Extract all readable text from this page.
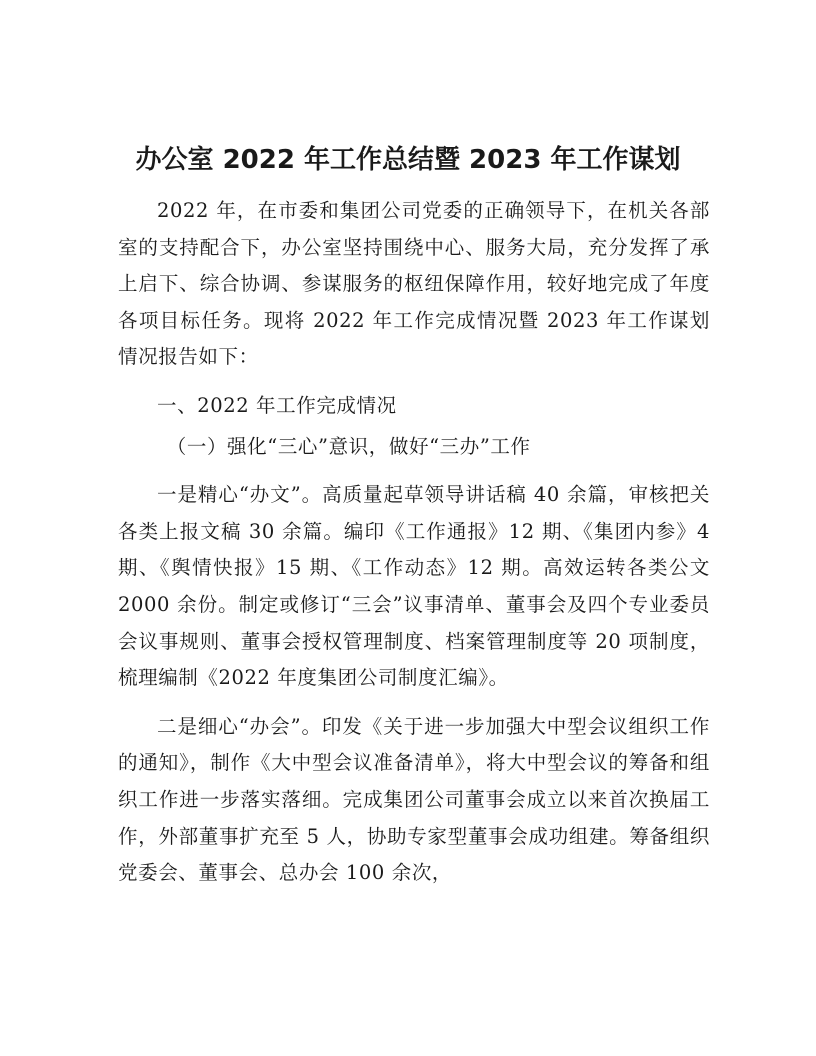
办公室 2022 年工作总结暨 2023 年工作谋划

2022 年，在市委和集团公司党委的正确领导下，在机关各部室的支持配合下，办公室坚持围绕中心、服务大局，充分发挥了承上启下、综合协调、参谋服务的枢纽保障作用，较好地完成了年度各项目标任务。现将 2022 年工作完成情况暨 2023 年工作谋划情况报告如下：

一、2022 年工作完成情况

（一）强化“三心”意识，做好“三办”工作

一是精心“办文”。高质量起草领导讲话稿 40 余篇，审核把关各类上报文稿 30 余篇。编印《工作通报》12 期、《集团内参》4 期、《舆情快报》15 期、《工作动态》12 期。高效运转各类公文 2000 余份。制定或修订“三会”议事清单、董事会及四个专业委员会议事规则、董事会授权管理制度、档案管理制度等 20 项制度，梳理编制《2022 年度集团公司制度汇编》。

二是细心“办会”。印发《关于进一步加强大中型会议组织工作的通知》，制作《大中型会议准备清单》，将大中型会议的筹备和组织工作进一步落实落细。完成集团公司董事会成立以来首次换届工作，外部董事扩充至 5 人，协助专家型董事会成功组建。筹备组织党委会、董事会、总办会 100 余次，
